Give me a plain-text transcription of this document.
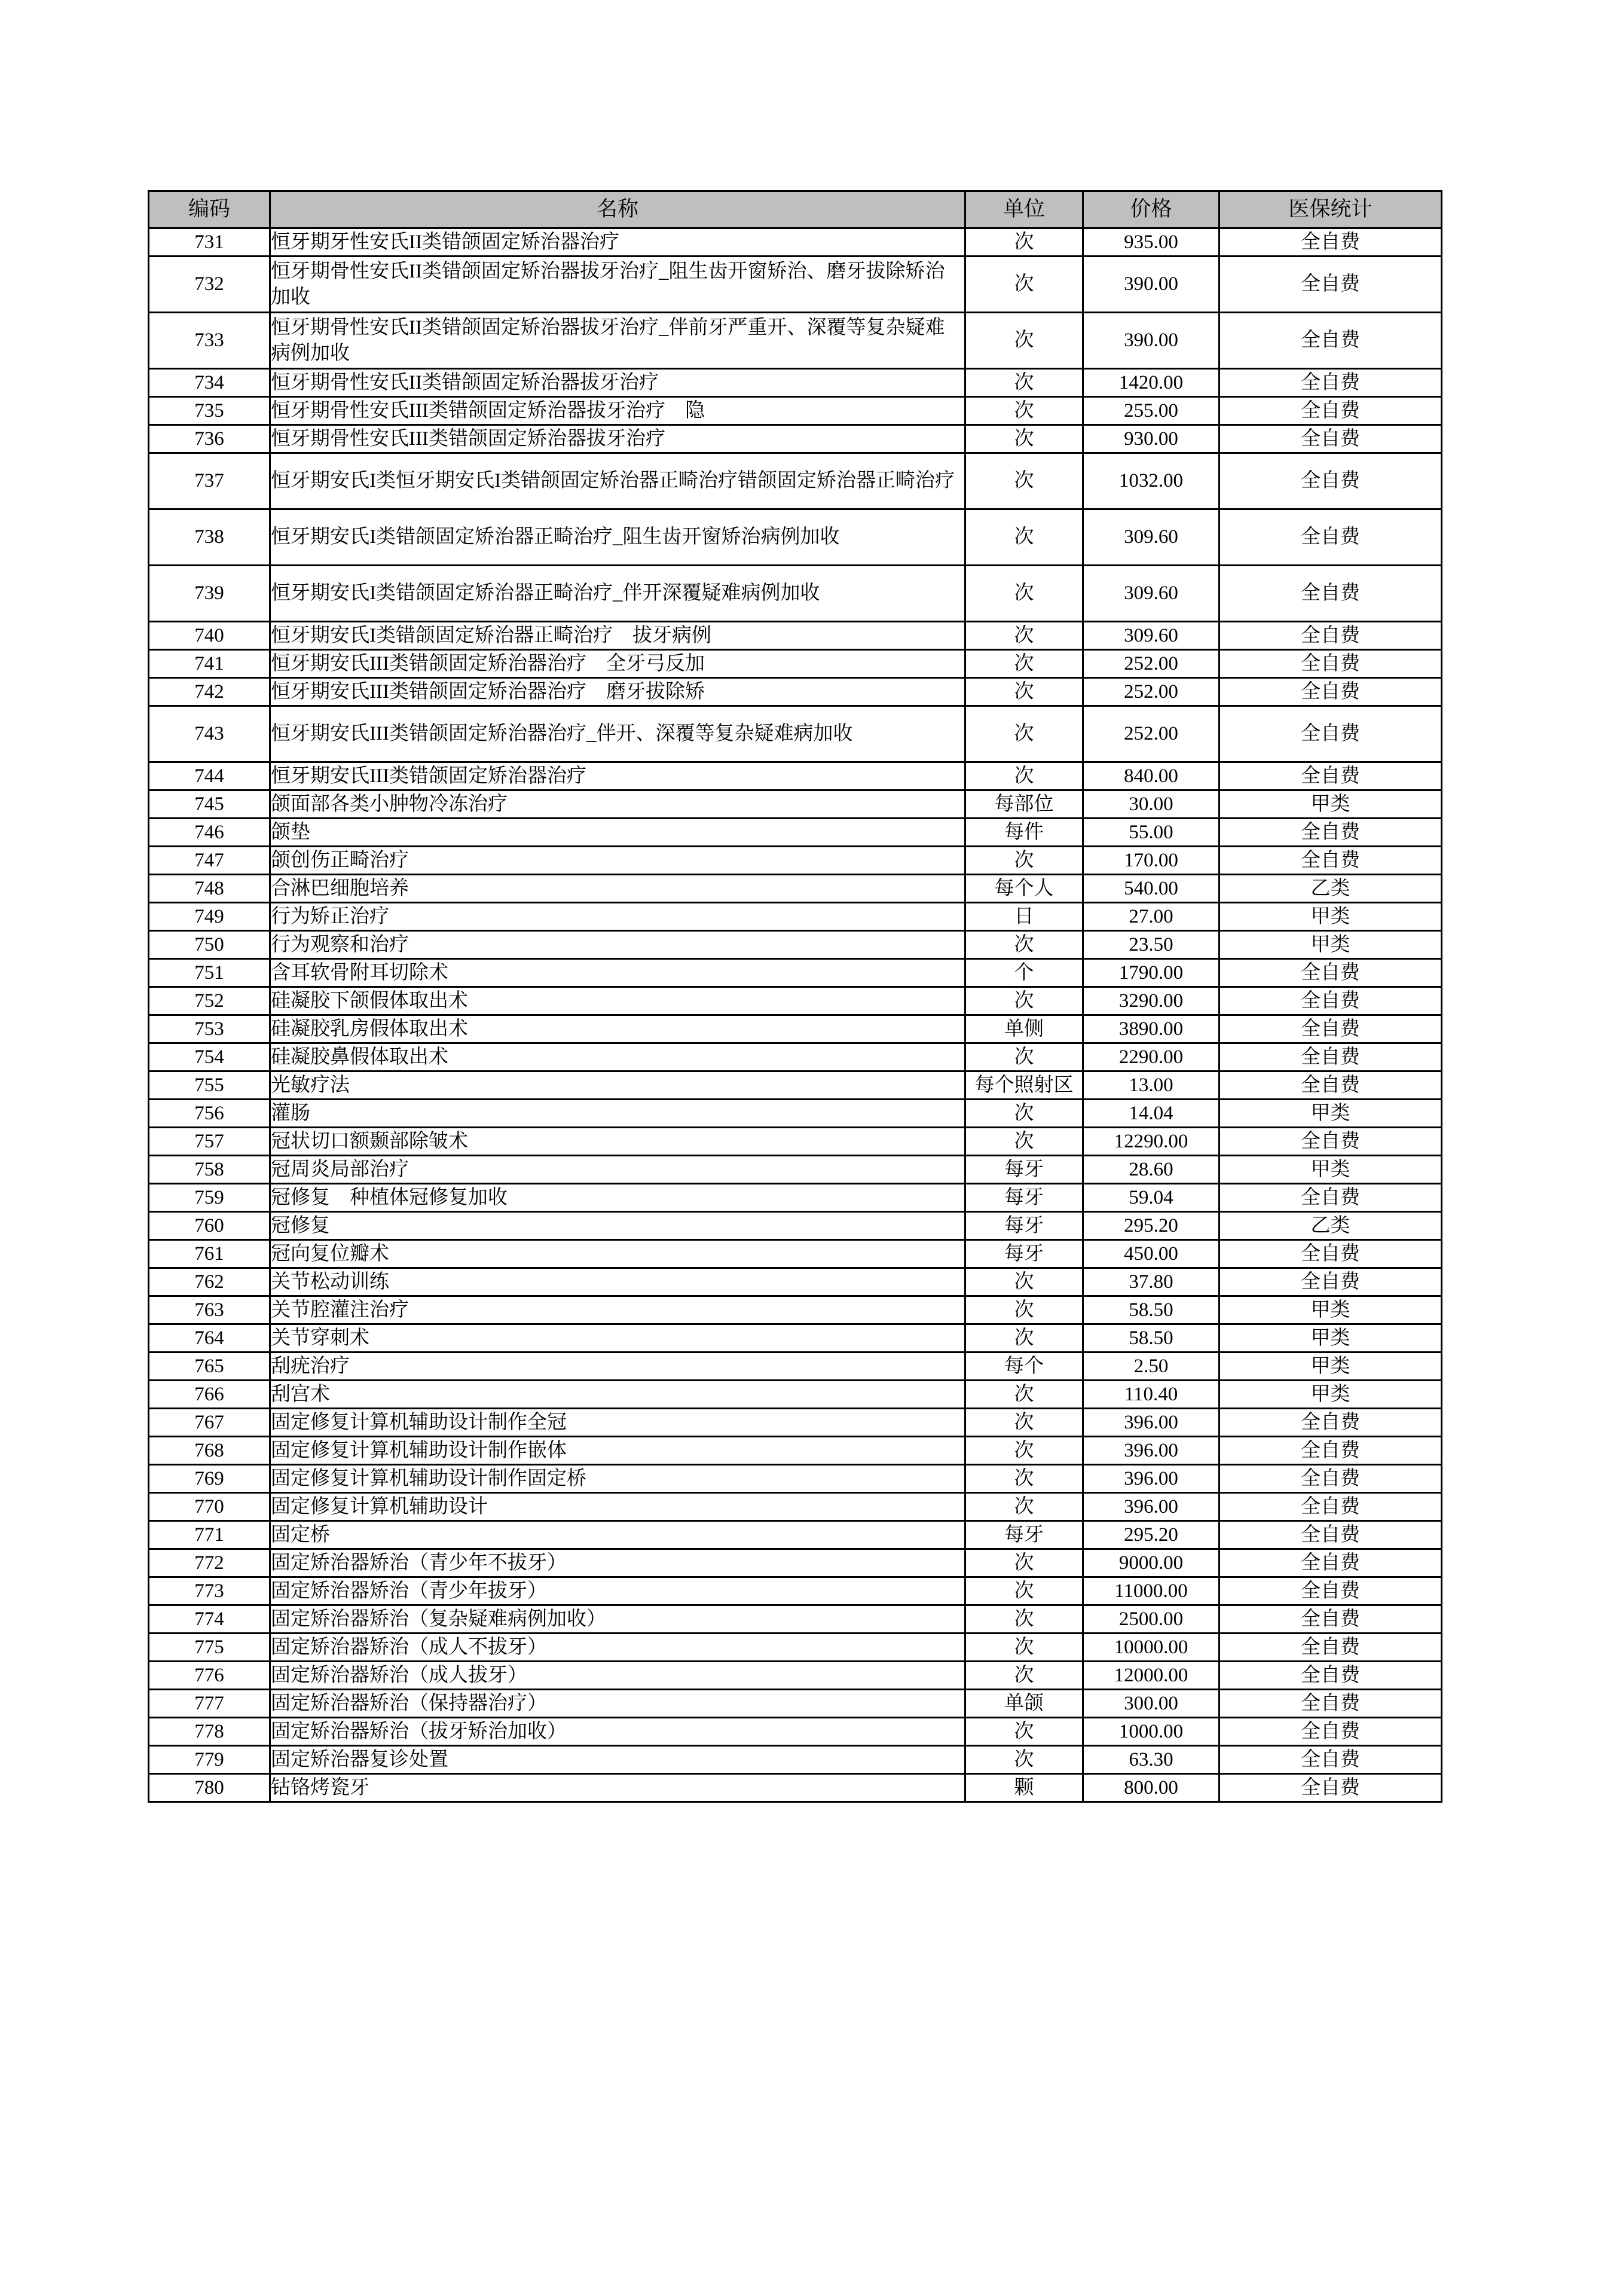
编码	名称	单位	价格	医保统计
731	恒牙期牙性安氏II类错颌固定矫治器治疗	次	935.00	全自费
732	恒牙期骨性安氏II类错颌固定矫治器拔牙治疗_阻生齿开窗矫治、磨牙拔除矫治加收	次	390.00	全自费
733	恒牙期骨性安氏II类错颌固定矫治器拔牙治疗_伴前牙严重开、深覆等复杂疑难病例加收	次	390.00	全自费
734	恒牙期骨性安氏II类错颌固定矫治器拔牙治疗	次	1420.00	全自费
735	恒牙期骨性安氏III类错颌固定矫治器拔牙治疗　隐	次	255.00	全自费
736	恒牙期骨性安氏III类错颌固定矫治器拔牙治疗	次	930.00	全自费
737	恒牙期安氏I类恒牙期安氏I类错颌固定矫治器正畸治疗错颌固定矫治器正畸治疗	次	1032.00	全自费
738	恒牙期安氏I类错颌固定矫治器正畸治疗_阻生齿开窗矫治病例加收	次	309.60	全自费
739	恒牙期安氏I类错颌固定矫治器正畸治疗_伴开深覆疑难病例加收	次	309.60	全自费
740	恒牙期安氏I类错颌固定矫治器正畸治疗　拔牙病例	次	309.60	全自费
741	恒牙期安氏III类错颌固定矫治器治疗　全牙弓反加	次	252.00	全自费
742	恒牙期安氏III类错颌固定矫治器治疗　磨牙拔除矫	次	252.00	全自费
743	恒牙期安氏III类错颌固定矫治器治疗_伴开、深覆等复杂疑难病加收	次	252.00	全自费
744	恒牙期安氏III类错颌固定矫治器治疗	次	840.00	全自费
745	颌面部各类小肿物冷冻治疗	每部位	30.00	甲类
746	颌垫	每件	55.00	全自费
747	颌创伤正畸治疗	次	170.00	全自费
748	合淋巴细胞培养	每个人	540.00	乙类
749	行为矫正治疗	日	27.00	甲类
750	行为观察和治疗	次	23.50	甲类
751	含耳软骨附耳切除术	个	1790.00	全自费
752	硅凝胶下颌假体取出术	次	3290.00	全自费
753	硅凝胶乳房假体取出术	单侧	3890.00	全自费
754	硅凝胶鼻假体取出术	次	2290.00	全自费
755	光敏疗法	每个照射区	13.00	全自费
756	灌肠	次	14.04	甲类
757	冠状切口额颞部除皱术	次	12290.00	全自费
758	冠周炎局部治疗	每牙	28.60	甲类
759	冠修复　种植体冠修复加收	每牙	59.04	全自费
760	冠修复	每牙	295.20	乙类
761	冠向复位瓣术	每牙	450.00	全自费
762	关节松动训练	次	37.80	全自费
763	关节腔灌注治疗	次	58.50	甲类
764	关节穿刺术	次	58.50	甲类
765	刮疣治疗	每个	2.50	甲类
766	刮宫术	次	110.40	甲类
767	固定修复计算机辅助设计制作全冠	次	396.00	全自费
768	固定修复计算机辅助设计制作嵌体	次	396.00	全自费
769	固定修复计算机辅助设计制作固定桥	次	396.00	全自费
770	固定修复计算机辅助设计	次	396.00	全自费
771	固定桥	每牙	295.20	全自费
772	固定矫治器矫治（青少年不拔牙）	次	9000.00	全自费
773	固定矫治器矫治（青少年拔牙）	次	11000.00	全自费
774	固定矫治器矫治（复杂疑难病例加收）	次	2500.00	全自费
775	固定矫治器矫治（成人不拔牙）	次	10000.00	全自费
776	固定矫治器矫治（成人拔牙）	次	12000.00	全自费
777	固定矫治器矫治（保持器治疗）	单颌	300.00	全自费
778	固定矫治器矫治（拔牙矫治加收）	次	1000.00	全自费
779	固定矫治器复诊处置	次	63.30	全自费
780	钴铬烤瓷牙	颗	800.00	全自费
